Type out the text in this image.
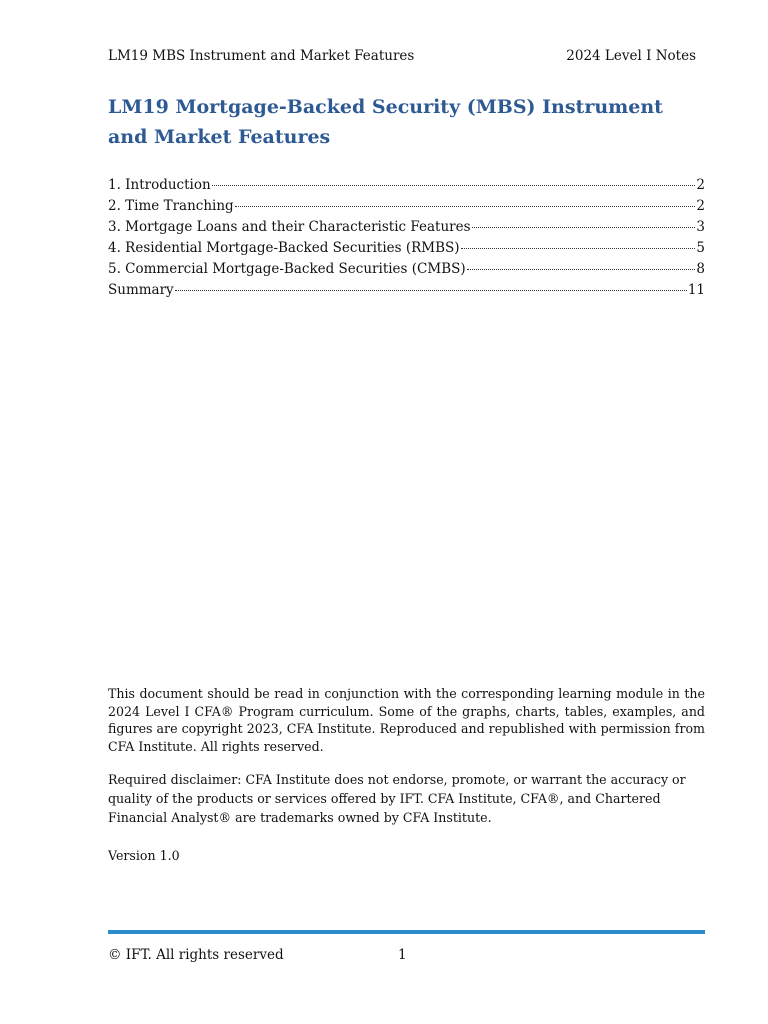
LM19 MBS Instrument and Market Features	2024 Level I Notes
LM19 Mortgage-Backed Security (MBS) Instrument and Market Features
1. Introduction	2
2. Time Tranching	2
3. Mortgage Loans and their Characteristic Features	3
4. Residential Mortgage-Backed Securities (RMBS)	5
5. Commercial Mortgage-Backed Securities (CMBS)	8
Summary	11

This document should be read in conjunction with the corresponding learning module in the 2024 Level I CFA® Program curriculum. Some of the graphs, charts, tables, examples, and figures are copyright 2023, CFA Institute. Reproduced and republished with permission from CFA Institute. All rights reserved.

Required disclaimer: CFA Institute does not endorse, promote, or warrant the accuracy or quality of the products or services offered by IFT. CFA Institute, CFA®, and Chartered Financial Analyst® are trademarks owned by CFA Institute.

Version 1.0

© IFT. All rights reserved	1
